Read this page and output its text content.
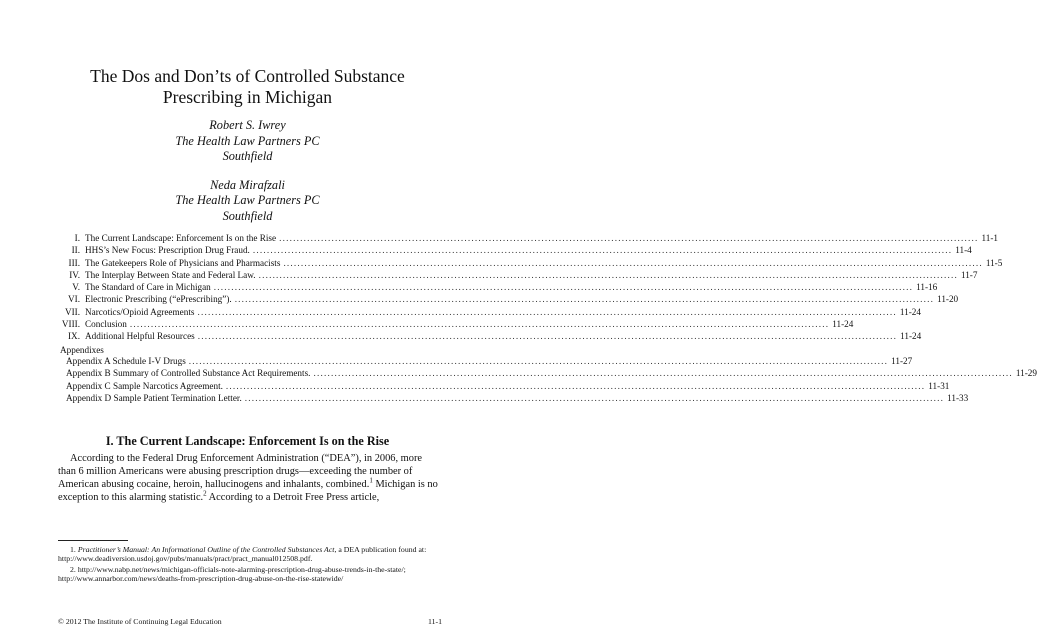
The Dos and Don’ts of Controlled Substance
Prescribing in Michigan
Robert S. Iwrey
The Health Law Partners PC
Southfield
Neda Mirafzali
The Health Law Partners PC
Southfield
I. The Current Landscape: Enforcement Is on the Rise ........................................................................................................................................................................................................ 11-1
II. HHS’s New Focus: Prescription Drug Fraud. ........................................................................................................................................................................................................ 11-4
III. The Gatekeepers Role of Physicians and Pharmacists ........................................................................................................................................................................................................ 11-5
IV. The Interplay Between State and Federal Law. ........................................................................................................................................................................................................ 11-7
V. The Standard of Care in Michigan ........................................................................................................................................................................................................ 11-16
VI. Electronic Prescribing (“ePrescribing”). ........................................................................................................................................................................................................ 11-20
VII. Narcotics/Opioid Agreements ........................................................................................................................................................................................................ 11-24
VIII. Conclusion ........................................................................................................................................................................................................ 11-24
IX. Additional Helpful Resources ........................................................................................................................................................................................................ 11-24
Appendixes
Appendix A Schedule I-V Drugs ........................................................................................................................................................................................................ 11-27
Appendix B Summary of Controlled Substance Act Requirements. ........................................................................................................................................................................................................ 11-29
Appendix C Sample Narcotics Agreement. ........................................................................................................................................................................................................ 11-31
Appendix D Sample Patient Termination Letter. ........................................................................................................................................................................................................ 11-33
I. The Current Landscape: Enforcement Is on the Rise

According to the Federal Drug Enforcement Administration (“DEA”), in 2006, more than 6 million Americans were abusing prescription drugs—exceeding the number of American abusing cocaine, heroin, hallucinogens and inhalants, combined.$^1$ Michigan is no exception to this alarming statistic.$^2$ According to a Detroit Free Press article,

1. Practitioner’s Manual: An Informational Outline of the Controlled Substances Act, a DEA publication found at: http://www.deadiversion.usdoj.gov/pubs/manuals/pract/pract_manual012508.pdf.

2. http://www.nabp.net/news/michigan-officials-note-alarming-prescription-drug-abuse-trends-in-the-state/; http://www.annarbor.com/news/deaths-from-prescription-drug-abuse-on-the-rise-statewide/

© 2012 The Institute of Continuing Legal Education	11-1
